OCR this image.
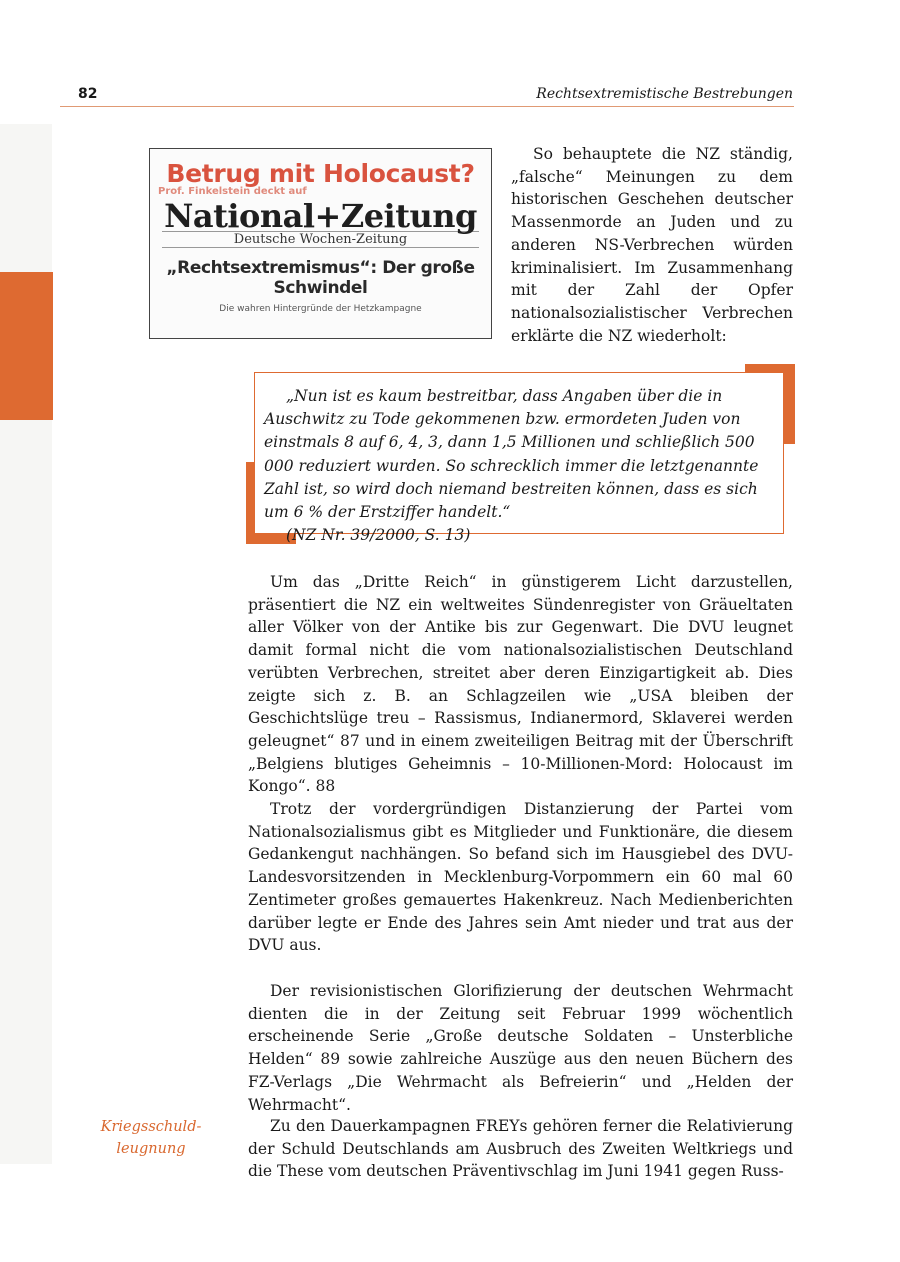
82	Rechtsextremistische Bestrebungen
Betrug mit Holocaust?
Prof. Finkelstein deckt auf
National+Zeitung
Deutsche Wochen-Zeitung
„Rechtsextremismus“: Der große Schwindel
Die wahren Hintergründe der Hetzkampagne

So behauptete die NZ ständig, „falsche“ Meinungen zu dem historischen Geschehen deutscher Massenmorde an Juden und zu anderen NS-Verbrechen würden kriminalisiert. Im Zusammenhang mit der Zahl der Opfer nationalsozialistischer Verbrechen erklärte die NZ wiederholt:

„Nun ist es kaum bestreitbar, dass Angaben über die in Auschwitz zu Tode gekommenen bzw. ermordeten Juden von einstmals 8 auf 6, 4, 3, dann 1,5 Millionen und schließlich 500 000 reduziert wurden. So schrecklich immer die letztgenannte Zahl ist, so wird doch niemand bestreiten können, dass es sich um 6 % der Erstziffer handelt.“

(NZ Nr. 39/2000, S. 13)

Um das „Dritte Reich“ in günstigerem Licht darzustellen, präsentiert die NZ ein weltweites Sündenregister von Gräueltaten aller Völker von der Antike bis zur Gegenwart. Die DVU leugnet damit formal nicht die vom nationalsozialistischen Deutschland verübten Verbrechen, streitet aber deren Einzigartigkeit ab. Dies zeigte sich z. B. an Schlagzeilen wie „USA bleiben der Geschichtslüge treu – Rassismus, Indianermord, Sklaverei werden geleugnet“ 87 und in einem zweiteiligen Beitrag mit der Überschrift „Belgiens blutiges Geheimnis – 10-Millionen-Mord: Holocaust im Kongo“. 88

Trotz der vordergründigen Distanzierung der Partei vom Nationalsozialismus gibt es Mitglieder und Funktionäre, die diesem Gedankengut nachhängen. So befand sich im Hausgiebel des DVU-Landesvorsitzenden in Mecklenburg-Vorpommern ein 60 mal 60 Zentimeter großes gemauertes Hakenkreuz. Nach Medienberichten darüber legte er Ende des Jahres sein Amt nieder und trat aus der DVU aus.

Der revisionistischen Glorifizierung der deutschen Wehrmacht dienten die in der Zeitung seit Februar 1999 wöchentlich erscheinende Serie „Große deutsche Soldaten – Unsterbliche Helden“ 89 sowie zahlreiche Auszüge aus den neuen Büchern des FZ-Verlags „Die Wehrmacht als Befreierin“ und „Helden der Wehrmacht“.

Zu den Dauerkampagnen FREYs gehören ferner die Relativierung der Schuld Deutschlands am Ausbruch des Zweiten Weltkriegs und die These vom deutschen Präventivschlag im Juni 1941 gegen Russ-

Kriegsschuld-leugnung
